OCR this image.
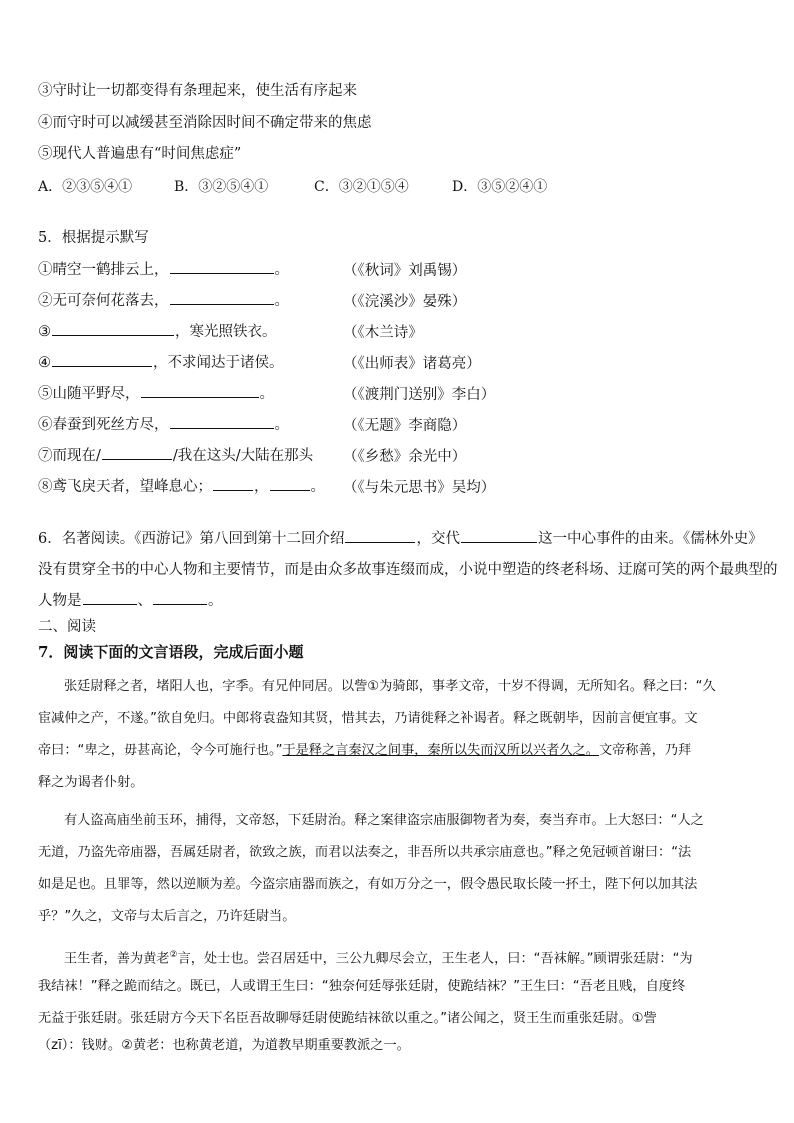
③守时让一切都变得有条理起来，使生活有序起来
④而守时可以减缓甚至消除因时间不确定带来的焦虑
⑤现代人普遍患有“时间焦虑症”
A．②③⑤④①	B．③②⑤④①	C．③②①⑤④	D．③⑤②④①
5．根据提示默写
①晴空一鹤排云上，	。	（《秋词》刘禹锡）
②无可奈何花落去，	。	（《浣溪沙》晏殊）
③	，寒光照铁衣。	（《木兰诗》
④	，不求闻达于诸侯。	（《出师表》诸葛亮）
⑤山随平野尽，	。	（《渡荆门送别》李白）
⑥春蚕到死丝方尽，	。	（《无题》李商隐）
⑦而现在/	/我在这头/大陆在那头 （《乡愁》余光中）
⑧鸢飞戾天者，望峰息心；	，	。 （《与朱元思书》吴均）
6．名著阅读。《西游记》第八回到第十二回介绍	，交代	这一中心事件的由来。《儒林外史》
没有贯穿全书的中心人物和主要情节，而是由众多故事连缀而成，小说中塑造的终老科场、迂腐可笑的两个最典型的
人物是	、	。
二、阅读
7．阅读下面的文言语段，完成后面小题
张廷尉释之者，堵阳人也，字季。有兄仲同居。以訾①为骑郎，事孝文帝，十岁不得调，无所知名。释之曰：“久
宦减仲之产，不遂。”欲自免归。中郎将袁盎知其贤，惜其去，乃请徙释之补谒者。释之既朝毕，因前言便宜事。文
帝曰：“卑之，毋甚高论，令今可施行也。”于是释之言秦汉之间事，秦所以失而汉所以兴者久之。文帝称善，乃拜
释之为谒者仆射。
有人盗高庙坐前玉环，捕得，文帝怒，下廷尉治。释之案律盗宗庙服御物者为奏，奏当弃市。上大怒曰：“人之
无道，乃盗先帝庙器，吾属廷尉者，欲致之族，而君以法奏之，非吾所以共承宗庙意也。”释之免冠顿首谢曰：“法
如是足也。且罪等，然以逆顺为差。今盗宗庙器而族之，有如万分之一，假令愚民取长陵一抔土，陛下何以加其法
乎？”久之，文帝与太后言之，乃许廷尉当。
王生者，善为黄老②言，处士也。尝召居廷中，三公九卿尽会立，王生老人，曰：“吾袜解。”顾谓张廷尉：“为
我结袜！”释之跪而结之。既已，人或谓王生曰：“独奈何廷辱张廷尉，使跪结袜？”王生曰：“吾老且贱，自度终
无益于张廷尉。张廷尉方今天下名臣吾故聊辱廷尉使跪结袜欲以重之。”诸公闻之，贤王生而重张廷尉。①訾
（zī）：钱财。②黄老：也称黄老道，为道教早期重要教派之一。
